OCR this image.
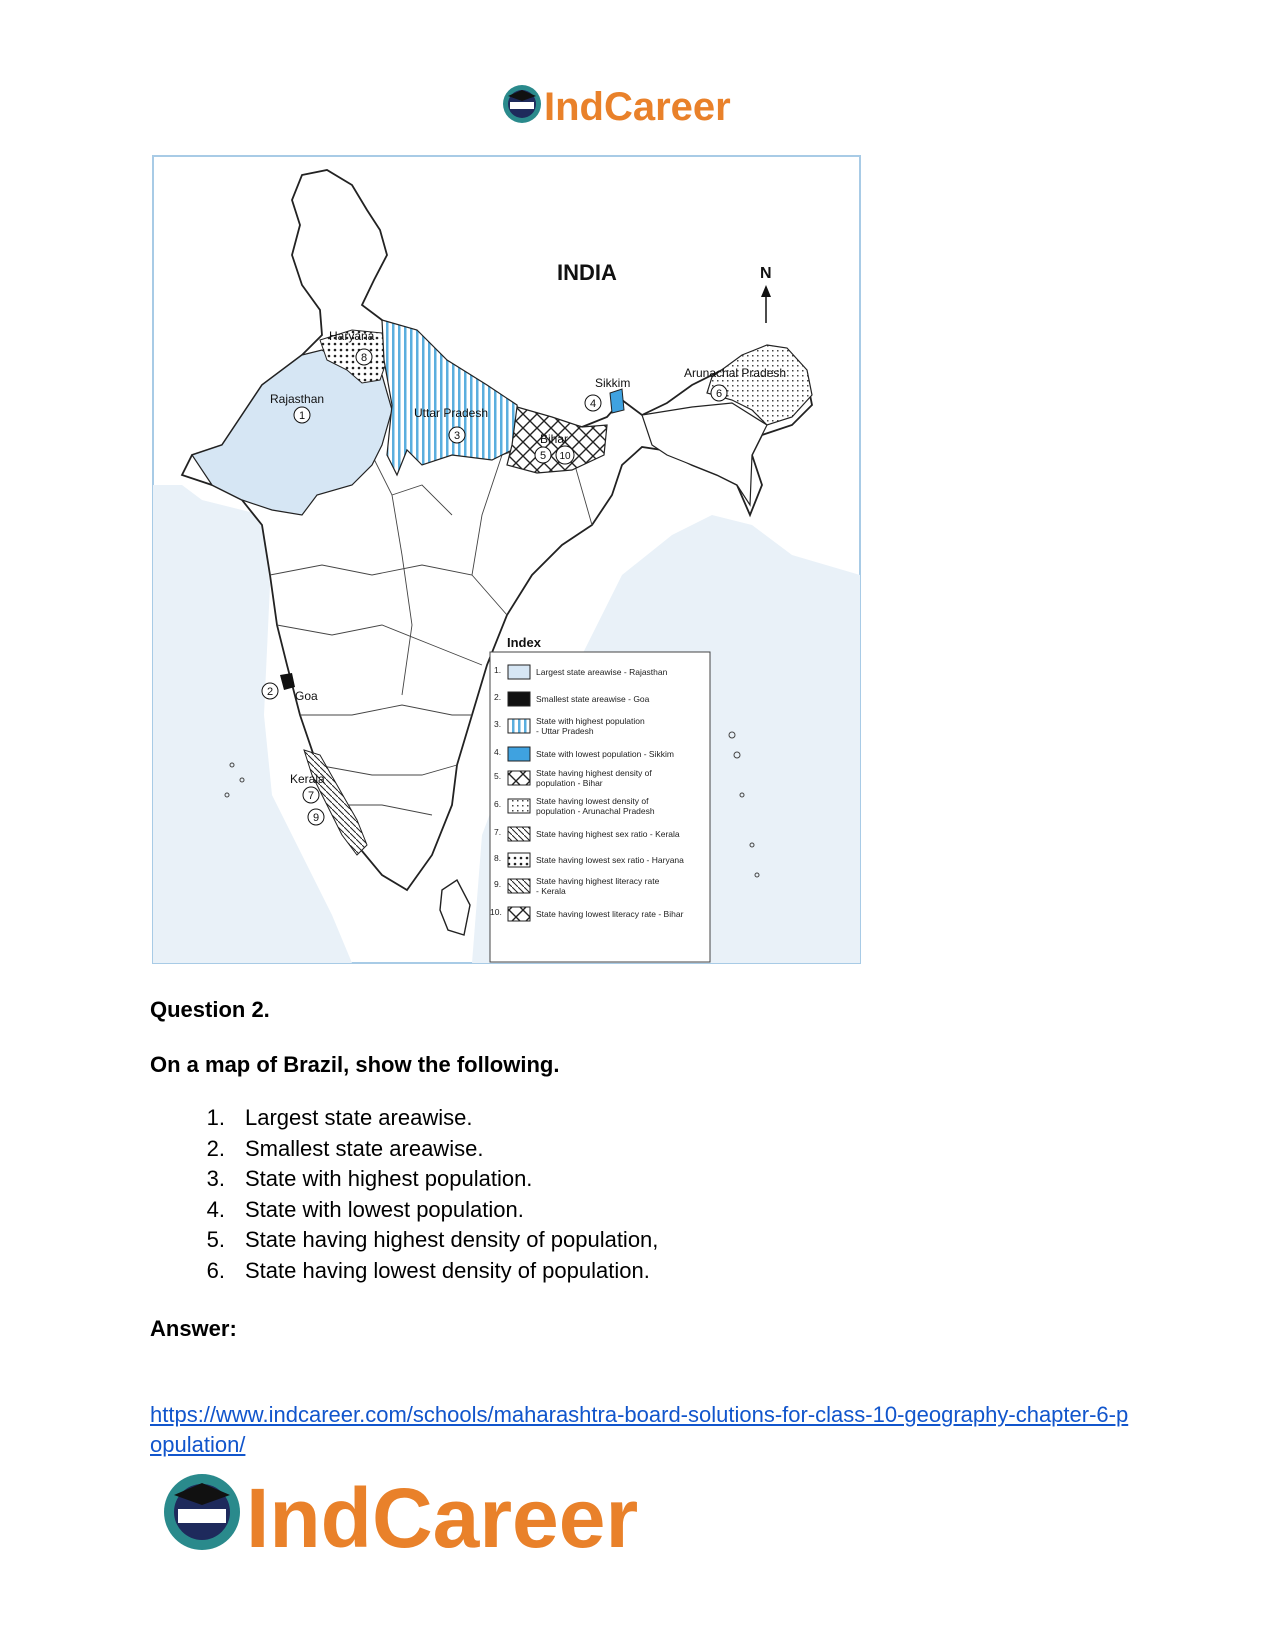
IndCareer
INDIA	N
Haryana
Rajasthan
Uttar Pradesh
Sikkim
Arunachal Pradesh
Bihar
Goa
Kerala
1
2
3
4
5
6
7
8
9
10
Index
1.	Largest state areawise - Rajasthan
2.	Smallest state areawise - Goa
3.	State with highest population
- Uttar Pradesh
4.	State with lowest population - Sikkim
5.	State having highest density of
population - Bihar
6.	State having lowest density of
population - Arunachal Pradesh
7.	State having highest sex ratio - Kerala
8.	State having lowest sex ratio - Haryana
9.	State having highest literacy rate
- Kerala
10.	State having lowest literacy rate - Bihar
Question 2.
On a map of Brazil, show the following.
1. Largest state areawise.
2. Smallest state areawise.
3. State with highest population.
4. State with lowest population.
5. State having highest density of population,
6. State having lowest density of population.
Answer:
https://www.indcareer.com/schools/maharashtra-board-solutions-for-class-10-geography-chapter-6-population/
IndCareer
